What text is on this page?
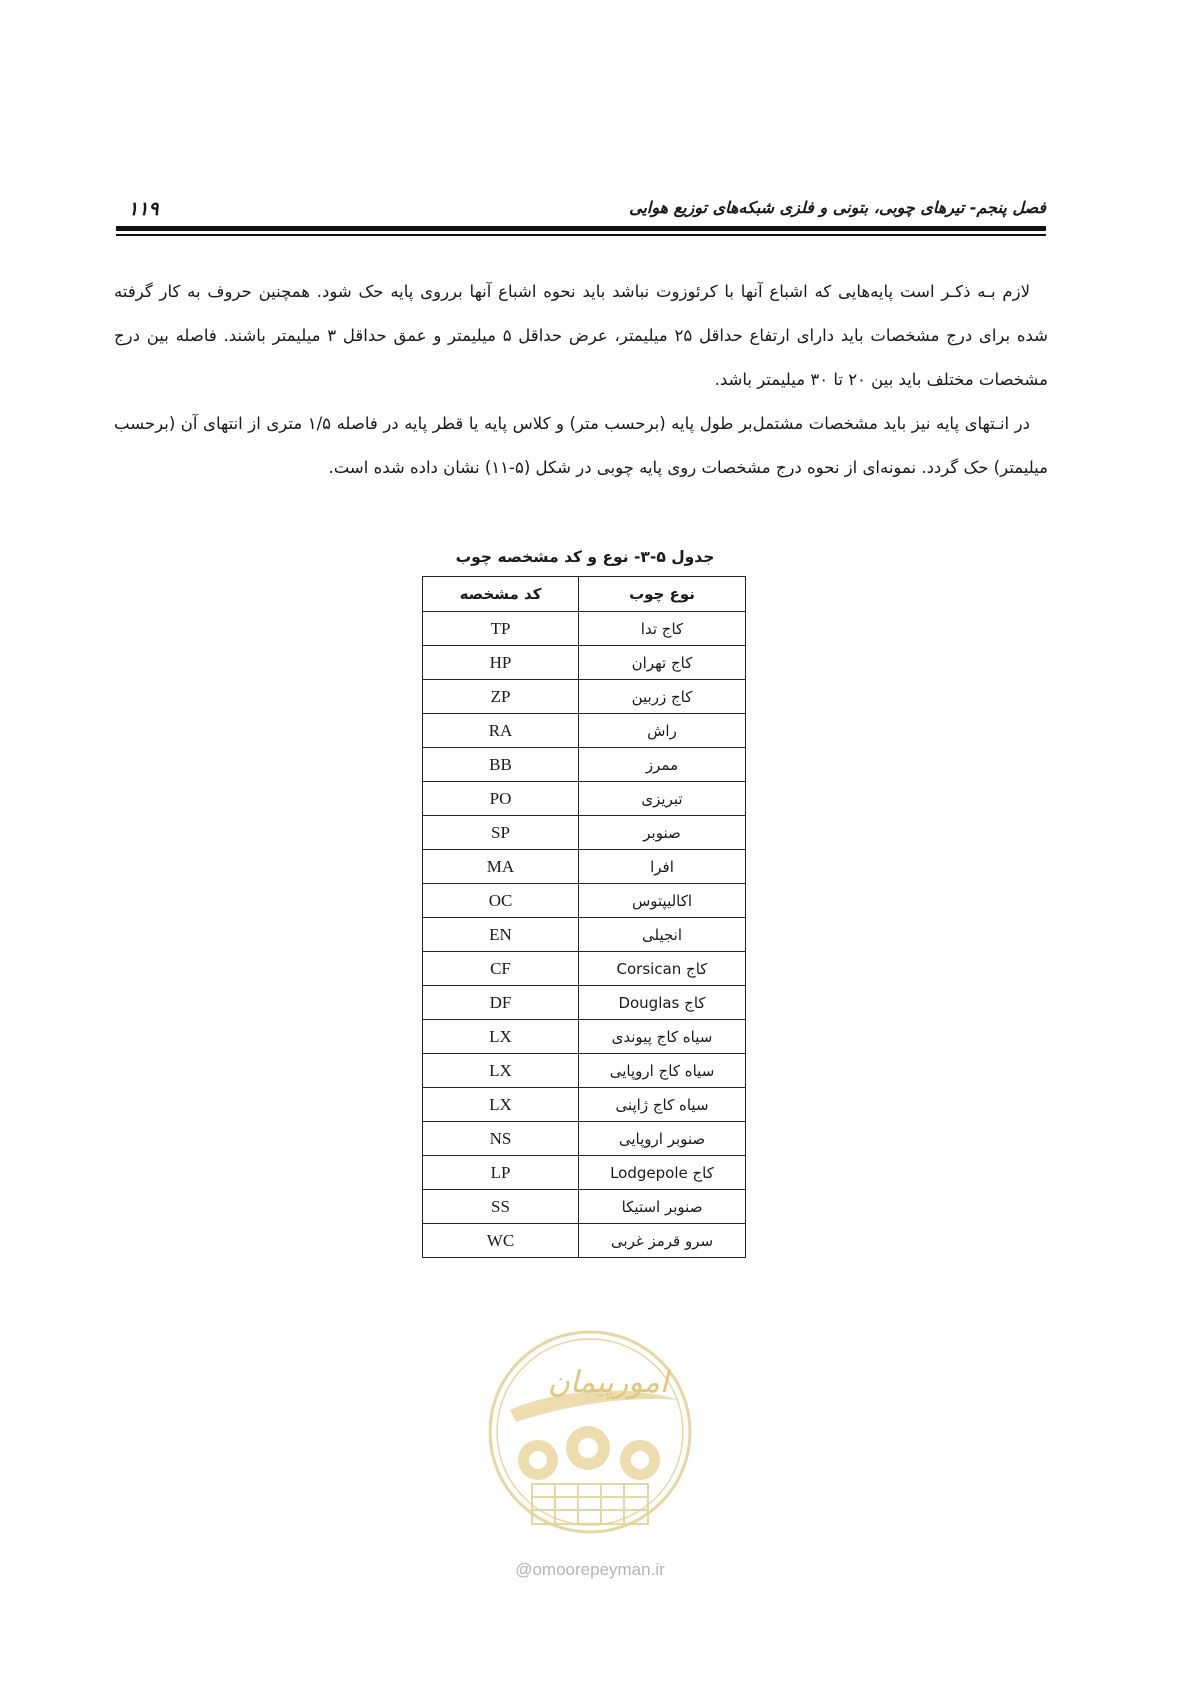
۱۱۹	فصل پنجم- تیرهای چوبی، بتونی و فلزی شبکه‌های توزیع هوایی

لازم بـه ذکـر است پایه‌هایی که اشباع آنها با کرئوزوت نباشد باید نحوه اشباع آنها برروی پایه حک شود. همچنین حروف به کار گرفته شده برای درج مشخصات باید دارای ارتفاع حداقل ۲۵ میلیمتر، عرض حداقل ۵ میلیمتر و عمق حداقل ۳ میلیمتر باشند. فاصله بین درج مشخصات مختلف باید بین ۲۰ تا ۳۰ میلیمتر باشد.

در انـتهای پایه نیز باید مشخصات مشتمل‌بر طول پایه (برحسب متر) و کلاس پایه یا قطر پایه در فاصله ۱/۵ متری از انتهای آن (برحسب میلیمتر) حک گردد. نمونه‌ای از نحوه درج مشخصات روی پایه چوبی در شکل (۵-۱۱) نشان داده شده است.

جدول ۵-۳- نوع و کد مشخصه چوب
نوع چوب	کد مشخصه
کاج تدا	TP
کاج تهران	HP
کاج زربین	ZP
راش	RA
ممرز	BB
تبریزی	PO
صنوبر	SP
افرا	MA
اکالیپتوس	OC
انجیلی	EN
کاج Corsican	CF
کاج Douglas	DF
سیاه کاج پیوندی	LX
سیاه کاج اروپایی	LX
سیاه کاج ژاپنی	LX
صنوبر اروپایی	NS
کاج Lodgepole	LP
صنوبر استیکا	SS
سرو قرمز غربی	WC
امورپیمان
@omoorepeyman.ir
